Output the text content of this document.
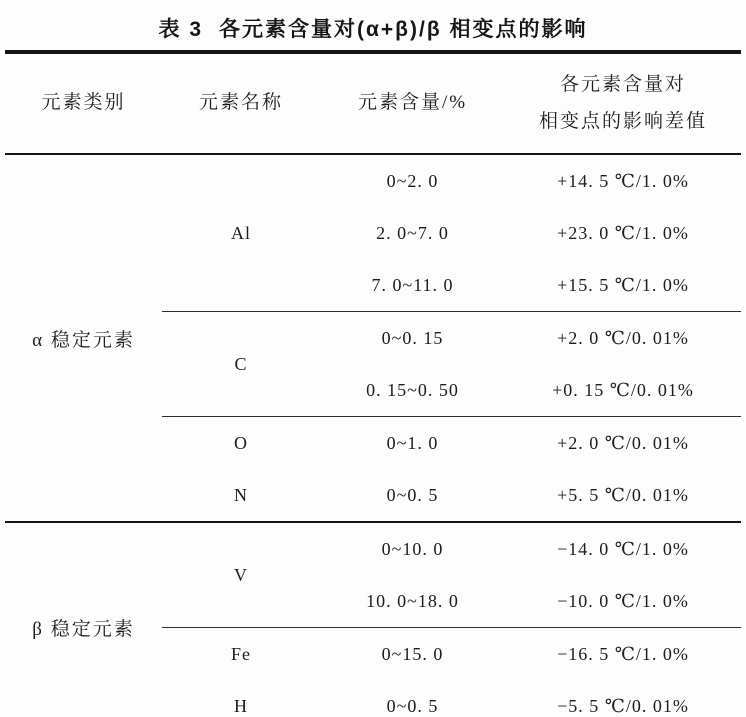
表 3 各元素含量对(α+β)/β 相变点的影响
元素类别	元素名称	元素含量/%	各元素含量对
相变点的影响差值

α 稳定元素	Al	0~2. 0	+14. 5 ℃/1. 0%
		2. 0~7. 0	+23. 0 ℃/1. 0%
		7. 0~11. 0	+15. 5 ℃/1. 0%
	C	0~0. 15	+2. 0 ℃/0. 01%
		0. 15~0. 50	+0. 15 ℃/0. 01%
	O	0~1. 0	+2. 0 ℃/0. 01%
	N	0~0. 5	+5. 5 ℃/0. 01%
β 稳定元素	V	0~10. 0	−14. 0 ℃/1. 0%
		10. 0~18. 0	−10. 0 ℃/1. 0%
	Fe	0~15. 0	−16. 5 ℃/1. 0%
	H	0~0. 5	−5. 5 ℃/0. 01%
